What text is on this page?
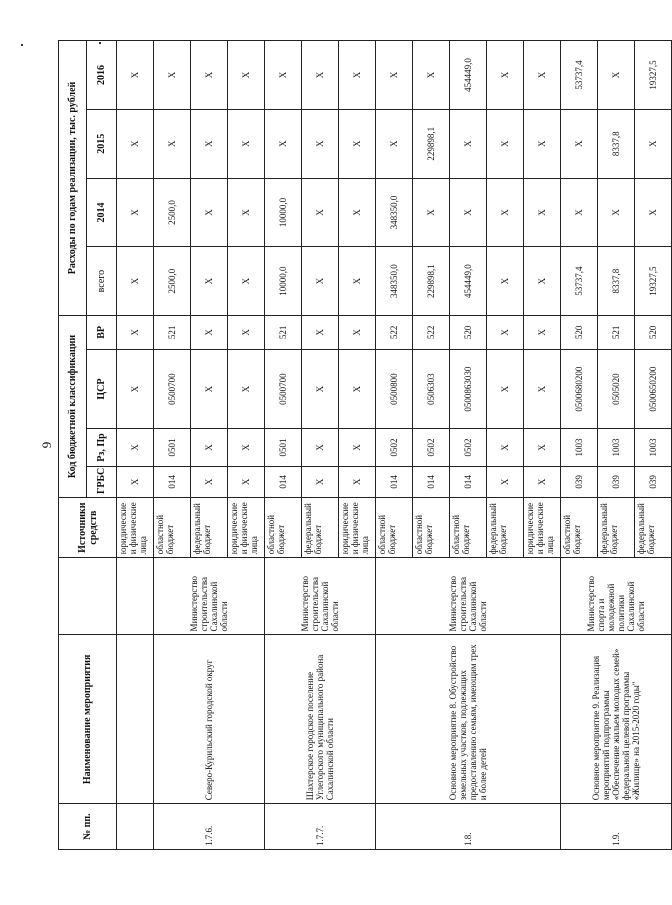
9
№ пп.	Наименование мероприятия		Источники средств	Код бюджетной классификации				Расходы по годам реализации, тыс. рублей			
				ГРБС	Рз, Пр	ЦСР	ВР	всего	2014	2015	2016
			юридические и физические лица	X	X	X	X	X	X	X	X
1.7.6.	Северо-Курильский городской округ	Министерство строительства Сахалинской области	областной бюджет	014	0501	0500700	521	2500,0	2500,0	X	X
			федеральный бюджет	X	X	X	X	X	X	X	X
			юридические и физические лица	X	X	X	X	X	X	X	X
1.7.7.	Шахтерское городское поселение Углегорского муниципального района Сахалинской области	Министерство строительства Сахалинской области	областной бюджет	014	0501	0500700	521	10000,0	10000,0	X	X
			федеральный бюджет	X	X	X	X	X	X	X	X
			юридические и физические лица	X	X	X	X	X	X	X	X
1.8.	Основное мероприятие 8. Обустройство земельных участков, подлежащих предоставлению семьям, имеющим трех и более детей	Министерство строительства Сахалинской области	областной бюджет	014	0502	0500800	522	348350,0	348350,0	X	X
			областной бюджет	014	0502	0506303	522	229898,1	X	229898,1	X
			областной бюджет	014	0502	0500863030	520	454449,0	X	X	454449,0
			федеральный бюджет	X	X	X	X	X	X	X	X
			юридические и физические лица	X	X	X	X	X	X	X	X
1.9.	Основное мероприятие 9. Реализация мероприятий подпрограммы «Обеспечение жильем молодых семей» федеральной целевой программы «Жилище» на 2015-2020 годы"	Министерство спорта и молодежной политики Сахалинской области	областной бюджет	039	1003	0500680200	520	53737,4	X	X	53737,4
			федеральный бюджет	039	1003	0505020	521	8337,8	X	8337,8	X
			федеральный бюджет	039	1003	0500650200	520	19327,5	X	X	19327,5
